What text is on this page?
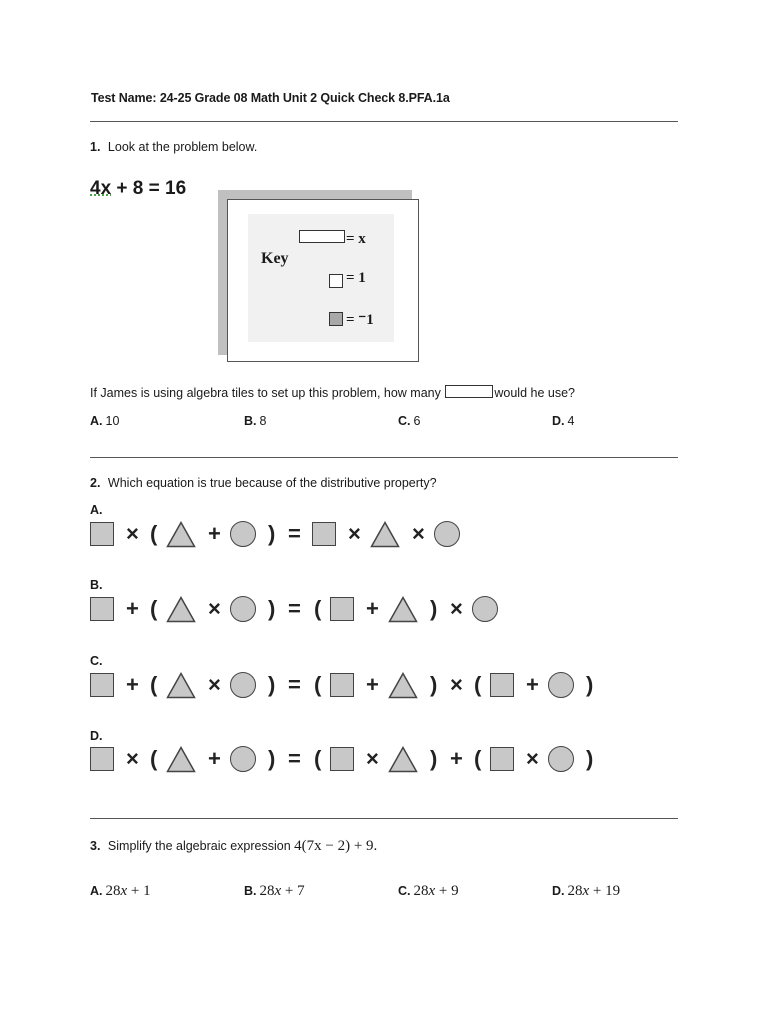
Test Name: 24-25 Grade 08 Math Unit 2 Quick Check 8.PFA.1a
1. Look at the problem below.
4x + 8 = 16
Key
= x
= 1
= ⁻1
If James is using algebra tiles to set up this problem, how many	would he use?
A. 10	B. 8	C. 6	D. 4
2. Which equation is true because of the distributive property?
A.
× ( + ) = × ×
B.
+ ( × ) = ( + ) ×
C.
+ ( × ) = ( + ) × ( + )
D.
× ( + ) = ( × ) + ( × )
3. Simplify the algebraic expression 4(7x − 2) + 9.
A. 28x + 1	B. 28x + 7	C. 28x + 9	D. 28x + 19
